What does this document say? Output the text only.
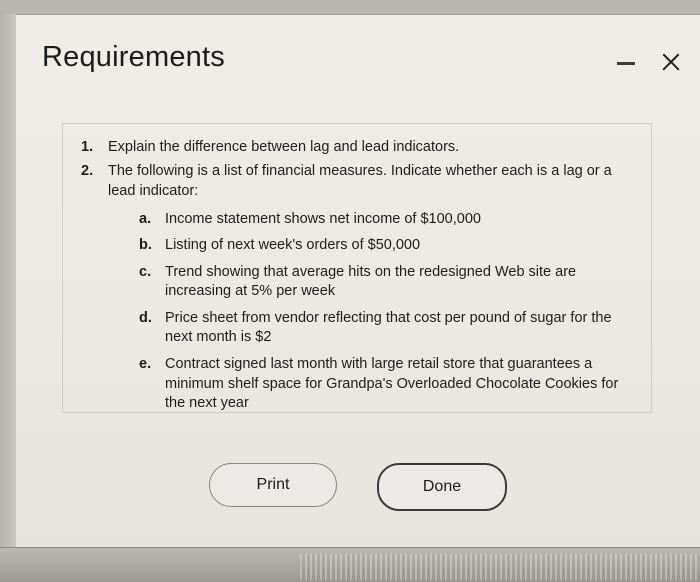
Requirements
1. Explain the difference between lag and lead indicators.
2. The following is a list of financial measures. Indicate whether each is a lag or a lead indicator:
a. Income statement shows net income of $100,000
b. Listing of next week's orders of $50,000
c. Trend showing that average hits on the redesigned Web site are increasing at 5% per week
d. Price sheet from vendor reflecting that cost per pound of sugar for the next month is $2
e. Contract signed last month with large retail store that guarantees a minimum shelf space for Grandpa's Overloaded Chocolate Cookies for the next year
Print	Done
